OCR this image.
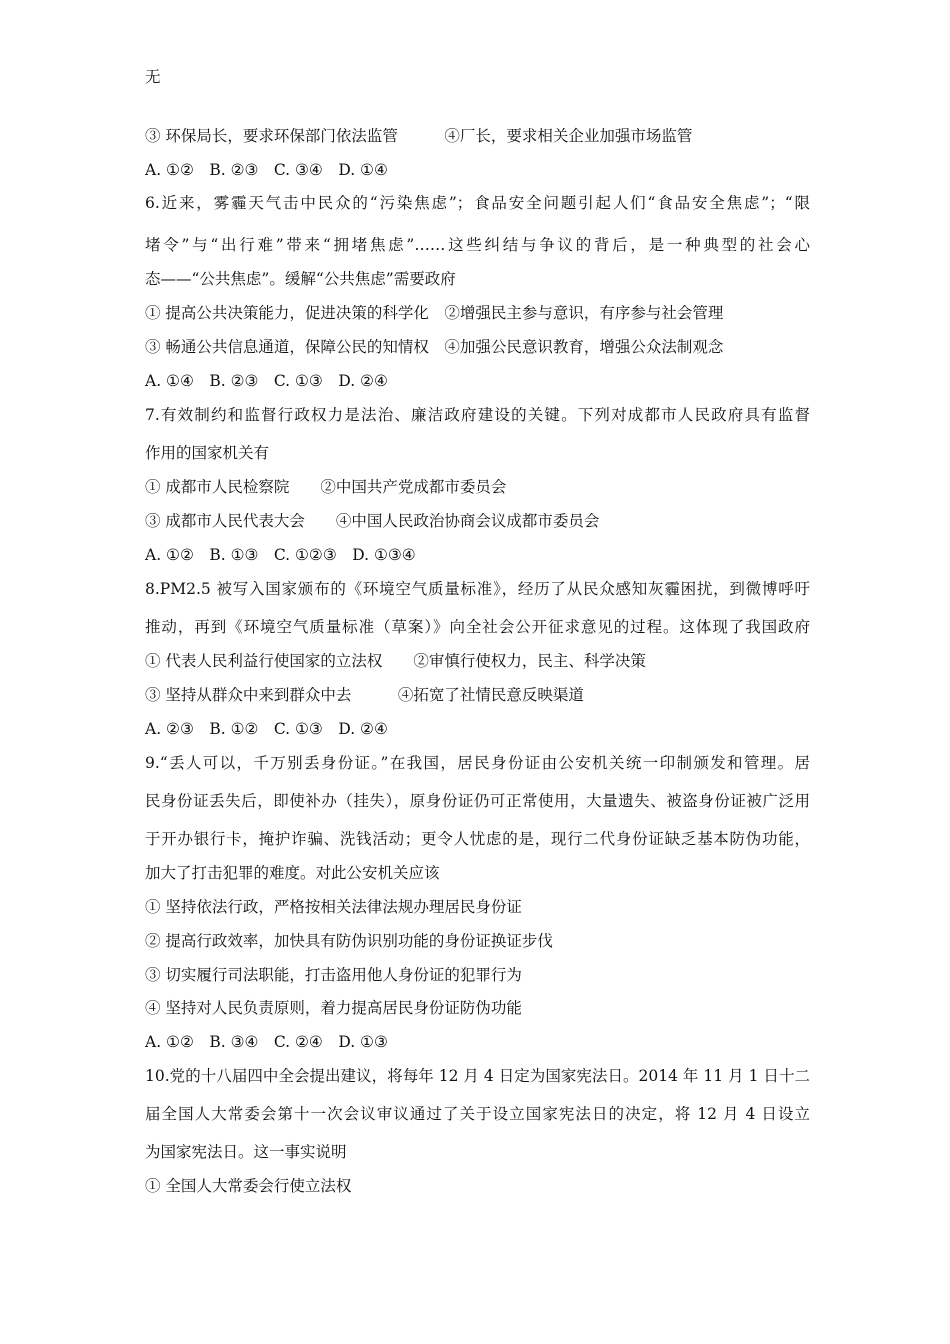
无
③ 环保局长，要求环保部门依法监管　　　④厂长，要求相关企业加强市场监管
A. ①②　B. ②③　C. ③④　D. ①④
6.近来，雾霾天气击中民众的“污染焦虑”；食品安全问题引起人们“食品安全焦虑”；“限
堵令”与“出行难”带来“拥堵焦虑”……这些纠结与争议的背后，是一种典型的社会心
态——“公共焦虑”。缓解“公共焦虑”需要政府
① 提高公共决策能力，促进决策的科学化　②增强民主参与意识，有序参与社会管理
③ 畅通公共信息通道，保障公民的知情权　④加强公民意识教育，增强公众法制观念
A. ①④　B. ②③　C. ①③　D. ②④
7.有效制约和监督行政权力是法治、廉洁政府建设的关键。下列对成都市人民政府具有监督
作用的国家机关有
① 成都市人民检察院　　②中国共产党成都市委员会
③ 成都市人民代表大会　　④中国人民政治协商会议成都市委员会
A. ①②　B. ①③　C. ①②③　D. ①③④
8.PM2.5 被写入国家颁布的《环境空气质量标准》，经历了从民众感知灰霾困扰，到微博呼吁
推动，再到《环境空气质量标准（草案）》向全社会公开征求意见的过程。这体现了我国政府
① 代表人民利益行使国家的立法权　　②审慎行使权力，民主、科学决策
③ 坚持从群众中来到群众中去　　　④拓宽了社情民意反映渠道
A. ②③　B. ①②　C. ①③　D. ②④
9.“丢人可以，千万别丢身份证。”在我国，居民身份证由公安机关统一印制颁发和管理。居
民身份证丢失后，即使补办（挂失），原身份证仍可正常使用，大量遗失、被盗身份证被广泛用
于开办银行卡，掩护诈骗、洗钱活动；更令人忧虑的是，现行二代身份证缺乏基本防伪功能，
加大了打击犯罪的难度。对此公安机关应该
① 坚持依法行政，严格按相关法律法规办理居民身份证
② 提高行政效率，加快具有防伪识别功能的身份证换证步伐
③ 切实履行司法职能，打击盗用他人身份证的犯罪行为
④ 坚持对人民负责原则，着力提高居民身份证防伪功能
A. ①②　B. ③④　C. ②④　D. ①③
10.党的十八届四中全会提出建议，将每年 12 月 4 日定为国家宪法日。2014 年 11 月 1 日十二
届全国人大常委会第十一次会议审议通过了关于设立国家宪法日的决定，将 12 月 4 日设立
为国家宪法日。这一事实说明
① 全国人大常委会行使立法权
